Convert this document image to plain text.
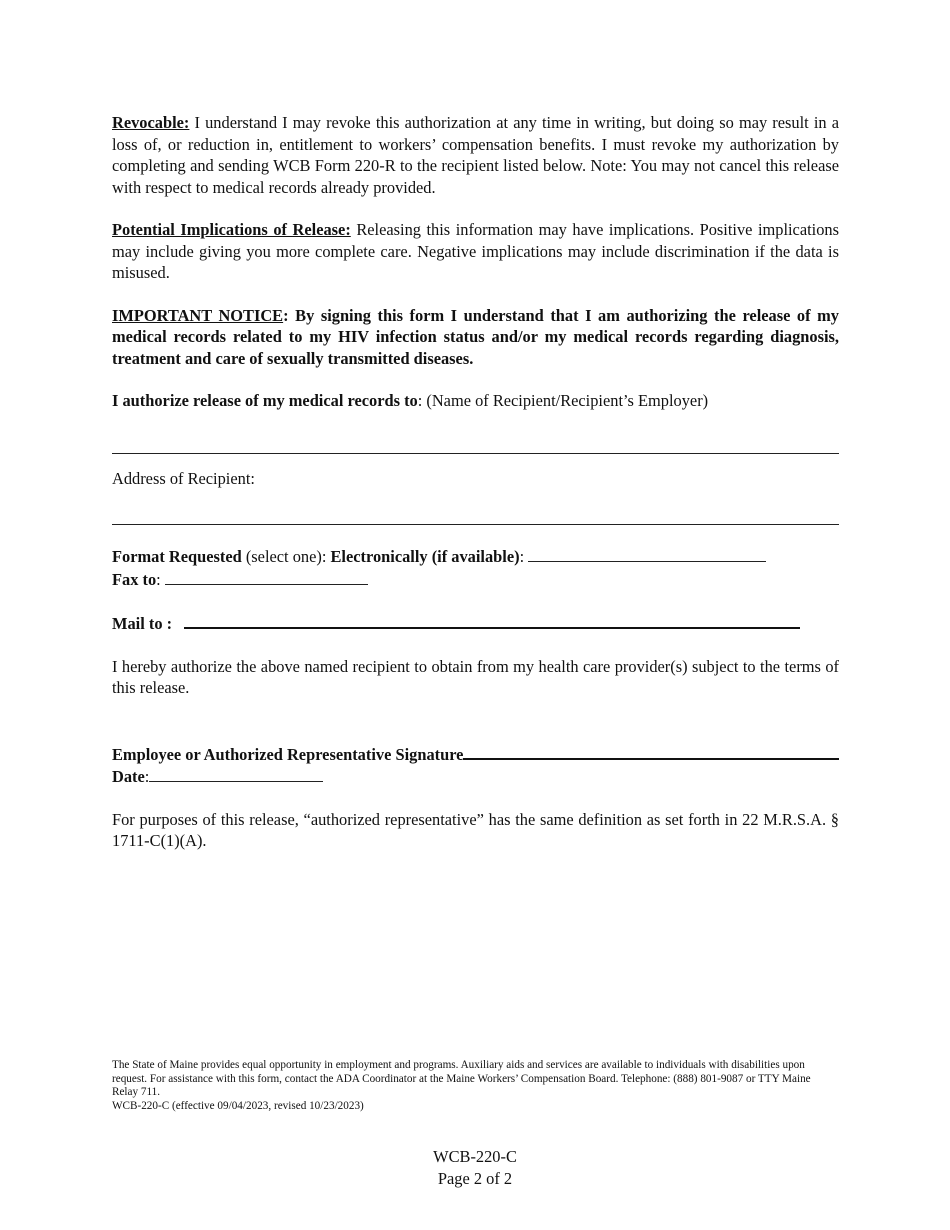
Revocable: I understand I may revoke this authorization at any time in writing, but doing so may result in a loss of, or reduction in, entitlement to workers’ compensation benefits. I must revoke my authorization by completing and sending WCB Form 220-R to the recipient listed below. Note: You may not cancel this release with respect to medical records already provided.

Potential Implications of Release: Releasing this information may have implications. Positive implications may include giving you more complete care. Negative implications may include discrimination if the data is misused.

IMPORTANT NOTICE: By signing this form I understand that I am authorizing the release of my medical records related to my HIV infection status and/or my medical records regarding diagnosis, treatment and care of sexually transmitted diseases.

I authorize release of my medical records to: (Name of Recipient/Recipient’s Employer)

Address of Recipient:

Format Requested (select one): Electronically (if available) :
Fax to :
Mail to :

I hereby authorize the above named recipient to obtain from my health care provider(s) subject to the terms of this release.

Employee or Authorized Representative Signature
Date :

For purposes of this release, “authorized representative” has the same definition as set forth in 22 M.R.S.A. § 1711-C(1)(A).

The State of Maine provides equal opportunity in employment and programs. Auxiliary aids and services are available to individuals with disabilities upon request. For assistance with this form, contact the ADA Coordinator at the Maine Workers’ Compensation Board. Telephone: (888) 801-9087 or TTY Maine Relay 711.
WCB-220-C (effective 09/04/2023, revised 10/23/2023)
WCB-220-C
Page 2 of 2
